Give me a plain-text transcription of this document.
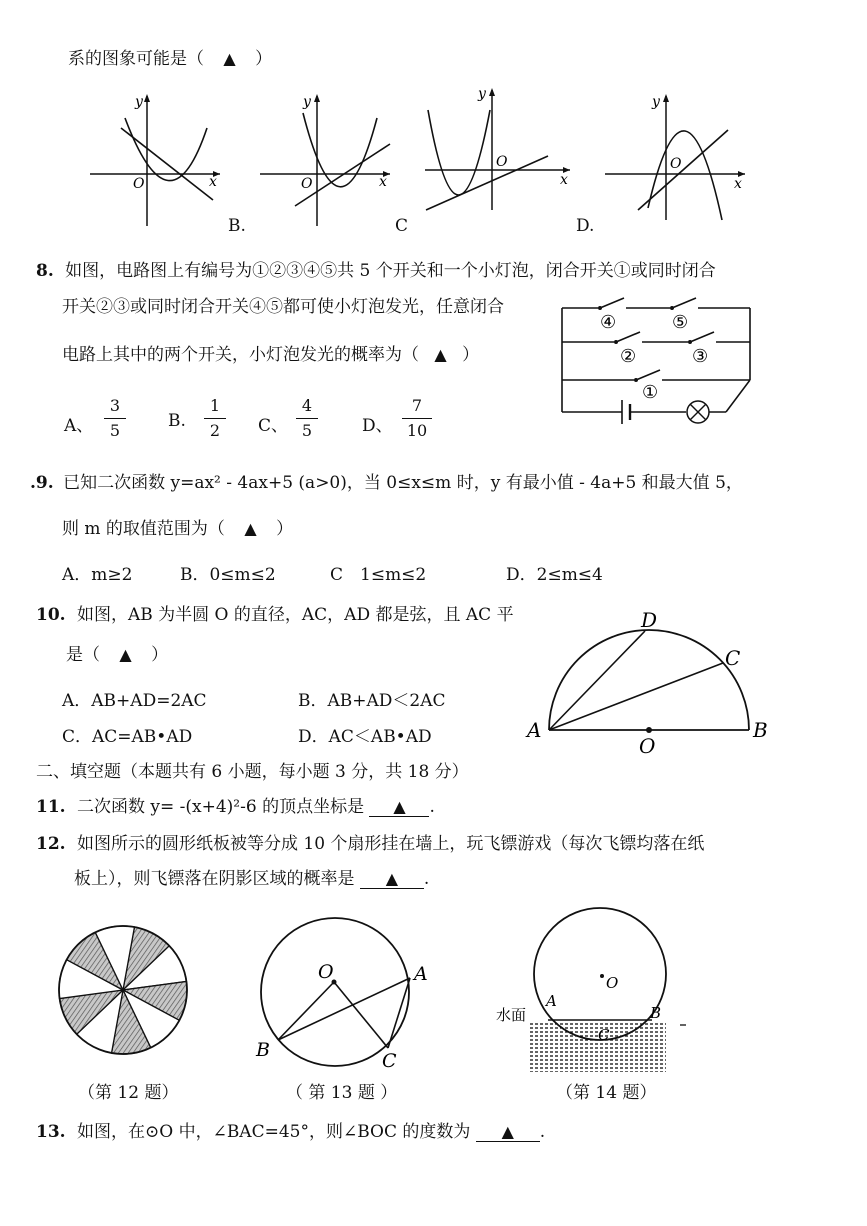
系的图象可能是（ ▲ ）
y
x
O
y
x
O
y
x
O
y
x
O
B.	C	D.
8. 如图，电路图上有编号为①②③④⑤共 5 个开关和一个小灯泡，闭合开关①或同时闭合
开关②③或同时闭合开关④⑤都可使小灯泡发光，任意闭合
电路上其中的两个开关，小灯泡发光的概率为（ ▲ ）
④	⑤
②	③
①
A、
3
5	B.
1
2	C、
4
5	D、
7
10
.9. 已知二次函数 y=ax² - 4ax+5 (a>0)，当 0≤x≤m 时，y 有最小值 - 4a+5 和最大值 5，
则 m 的取值范围为（ ▲ ）
A．m≥2	B．0≤m≤2	C　1≤m≤2	D．2≤m≤4
10. 如图，AB 为半圆 O 的直径，AC，AD 都是弦，且 AC 平
是（ ▲ ）
A．AB+AD=2AC	B．AB+AD＜2AC
C．AC=AB•AD	D．AC＜AB•AD	A	B
C
D
O
二、填空题（本题共有 6 小题，每小题 3 分，共 18 分）
11. 二次函数 y= -(x+4)²-6 的顶点坐标是 ▲ .
12. 如图所示的圆形纸板被等分成 10 个扇形挂在墙上，玩飞镖游戏（每次飞镖均落在纸
板上），则飞镖落在阴影区域的概率是 ▲ .
（第 12 题）
O	A
B	C
（ 第 13 题 ）
O
A
B
C
水面
（第 14 题）
13. 如图，在⊙O 中，∠BAC=45°，则∠BOC 的度数为 ▲ .
